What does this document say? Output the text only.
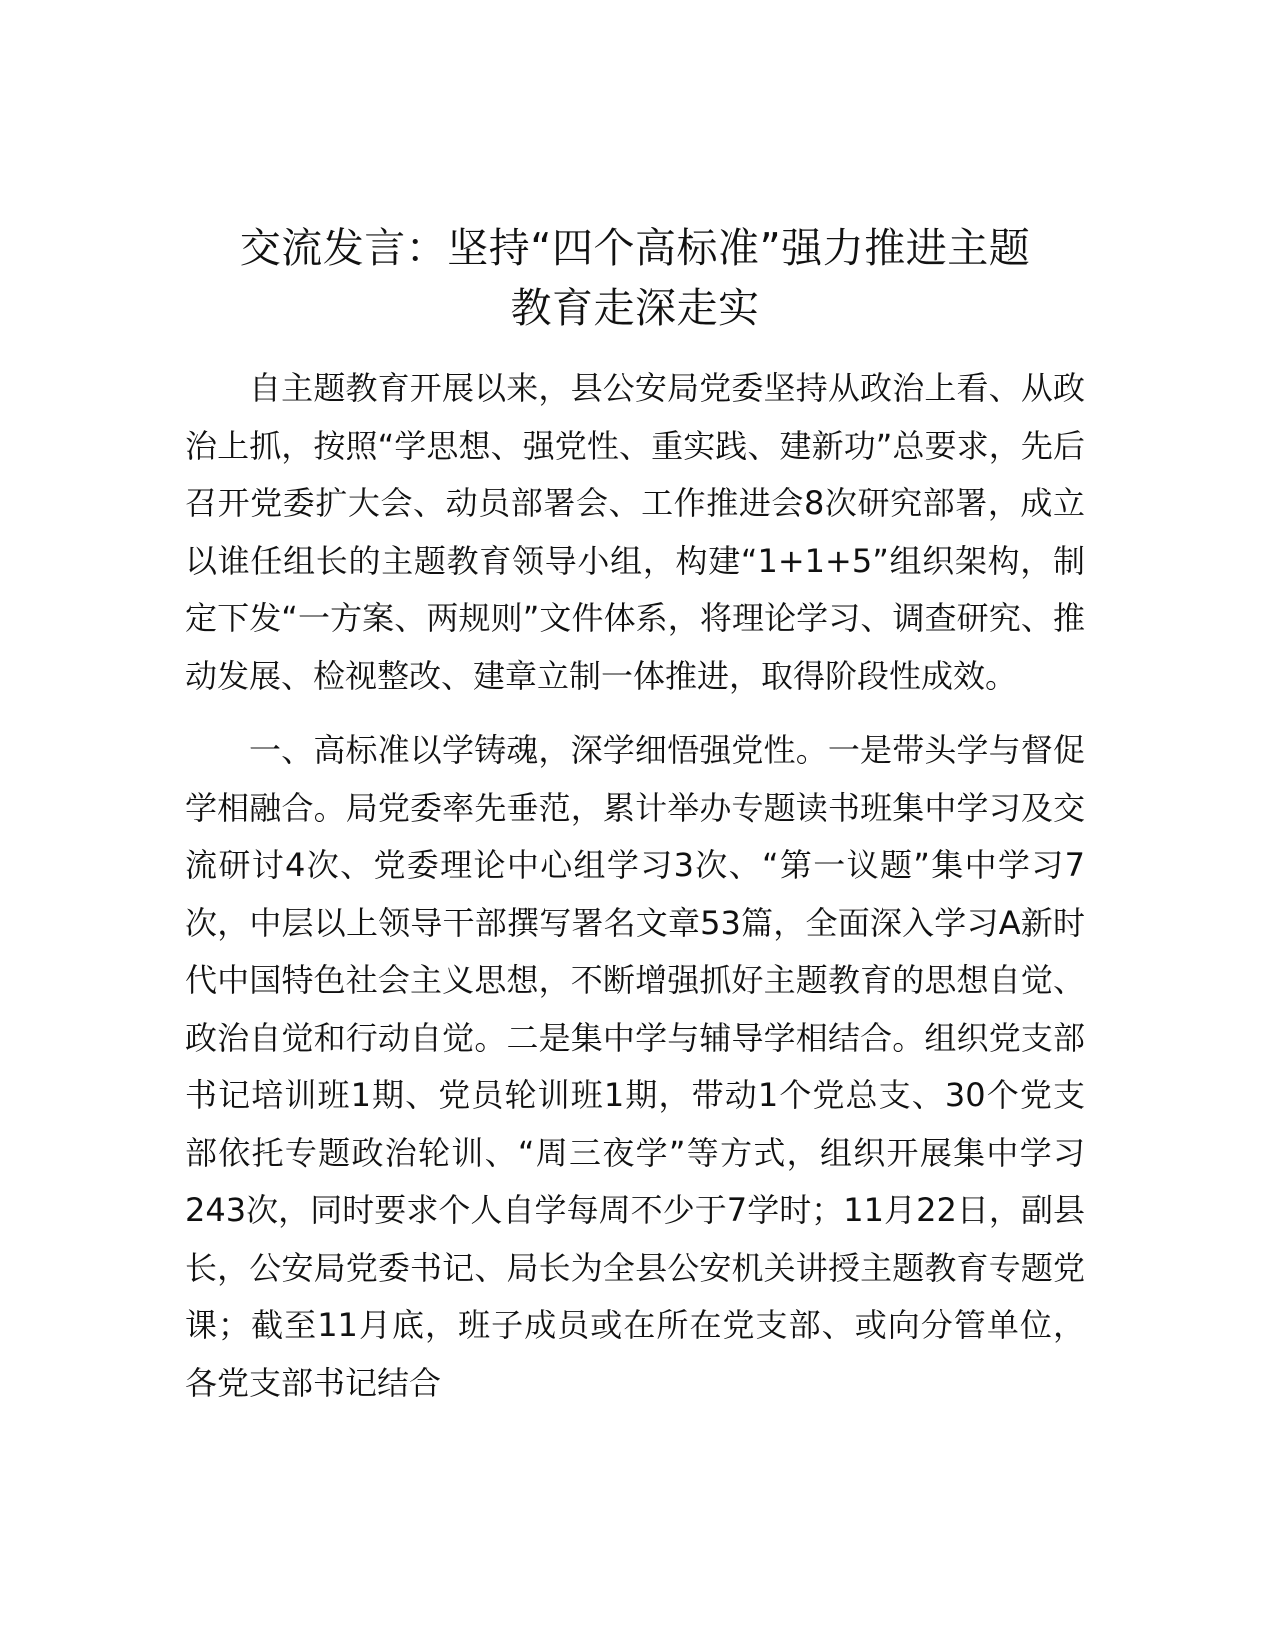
交流发言：坚持“四个高标准”强力推进主题
教育走深走实

自主题教育开展以来，县公安局党委坚持从政治上看、从政治上抓，按照“学思想、强党性、重实践、建新功”总要求，先后召开党委扩大会、动员部署会、工作推进会8次研究部署，成立以谁任组长的主题教育领导小组，构建“1+1+5”组织架构，制定下发“一方案、两规则”文件体系，将理论学习、调查研究、推动发展、检视整改、建章立制一体推进，取得阶段性成效。

一、高标准以学铸魂，深学细悟强党性。一是带头学与督促学相融合。局党委率先垂范，累计举办专题读书班集中学习及交流研讨4次、党委理论中心组学习3次、“第一议题”集中学习7次，中层以上领导干部撰写署名文章53篇，全面深入学习A新时代中国特色社会主义思想，不断增强抓好主题教育的思想自觉、政治自觉和行动自觉。二是集中学与辅导学相结合。组织党支部书记培训班1期、党员轮训班1期，带动1个党总支、30个党支部依托专题政治轮训、“周三夜学”等方式，组织开展集中学习243次，同时要求个人自学每周不少于7学时；11月22日，副县长，公安局党委书记、局长为全县公安机关讲授主题教育专题党课；截至11月底，班子成员或在所在党支部、或向分管单位，各党支部书记结合
